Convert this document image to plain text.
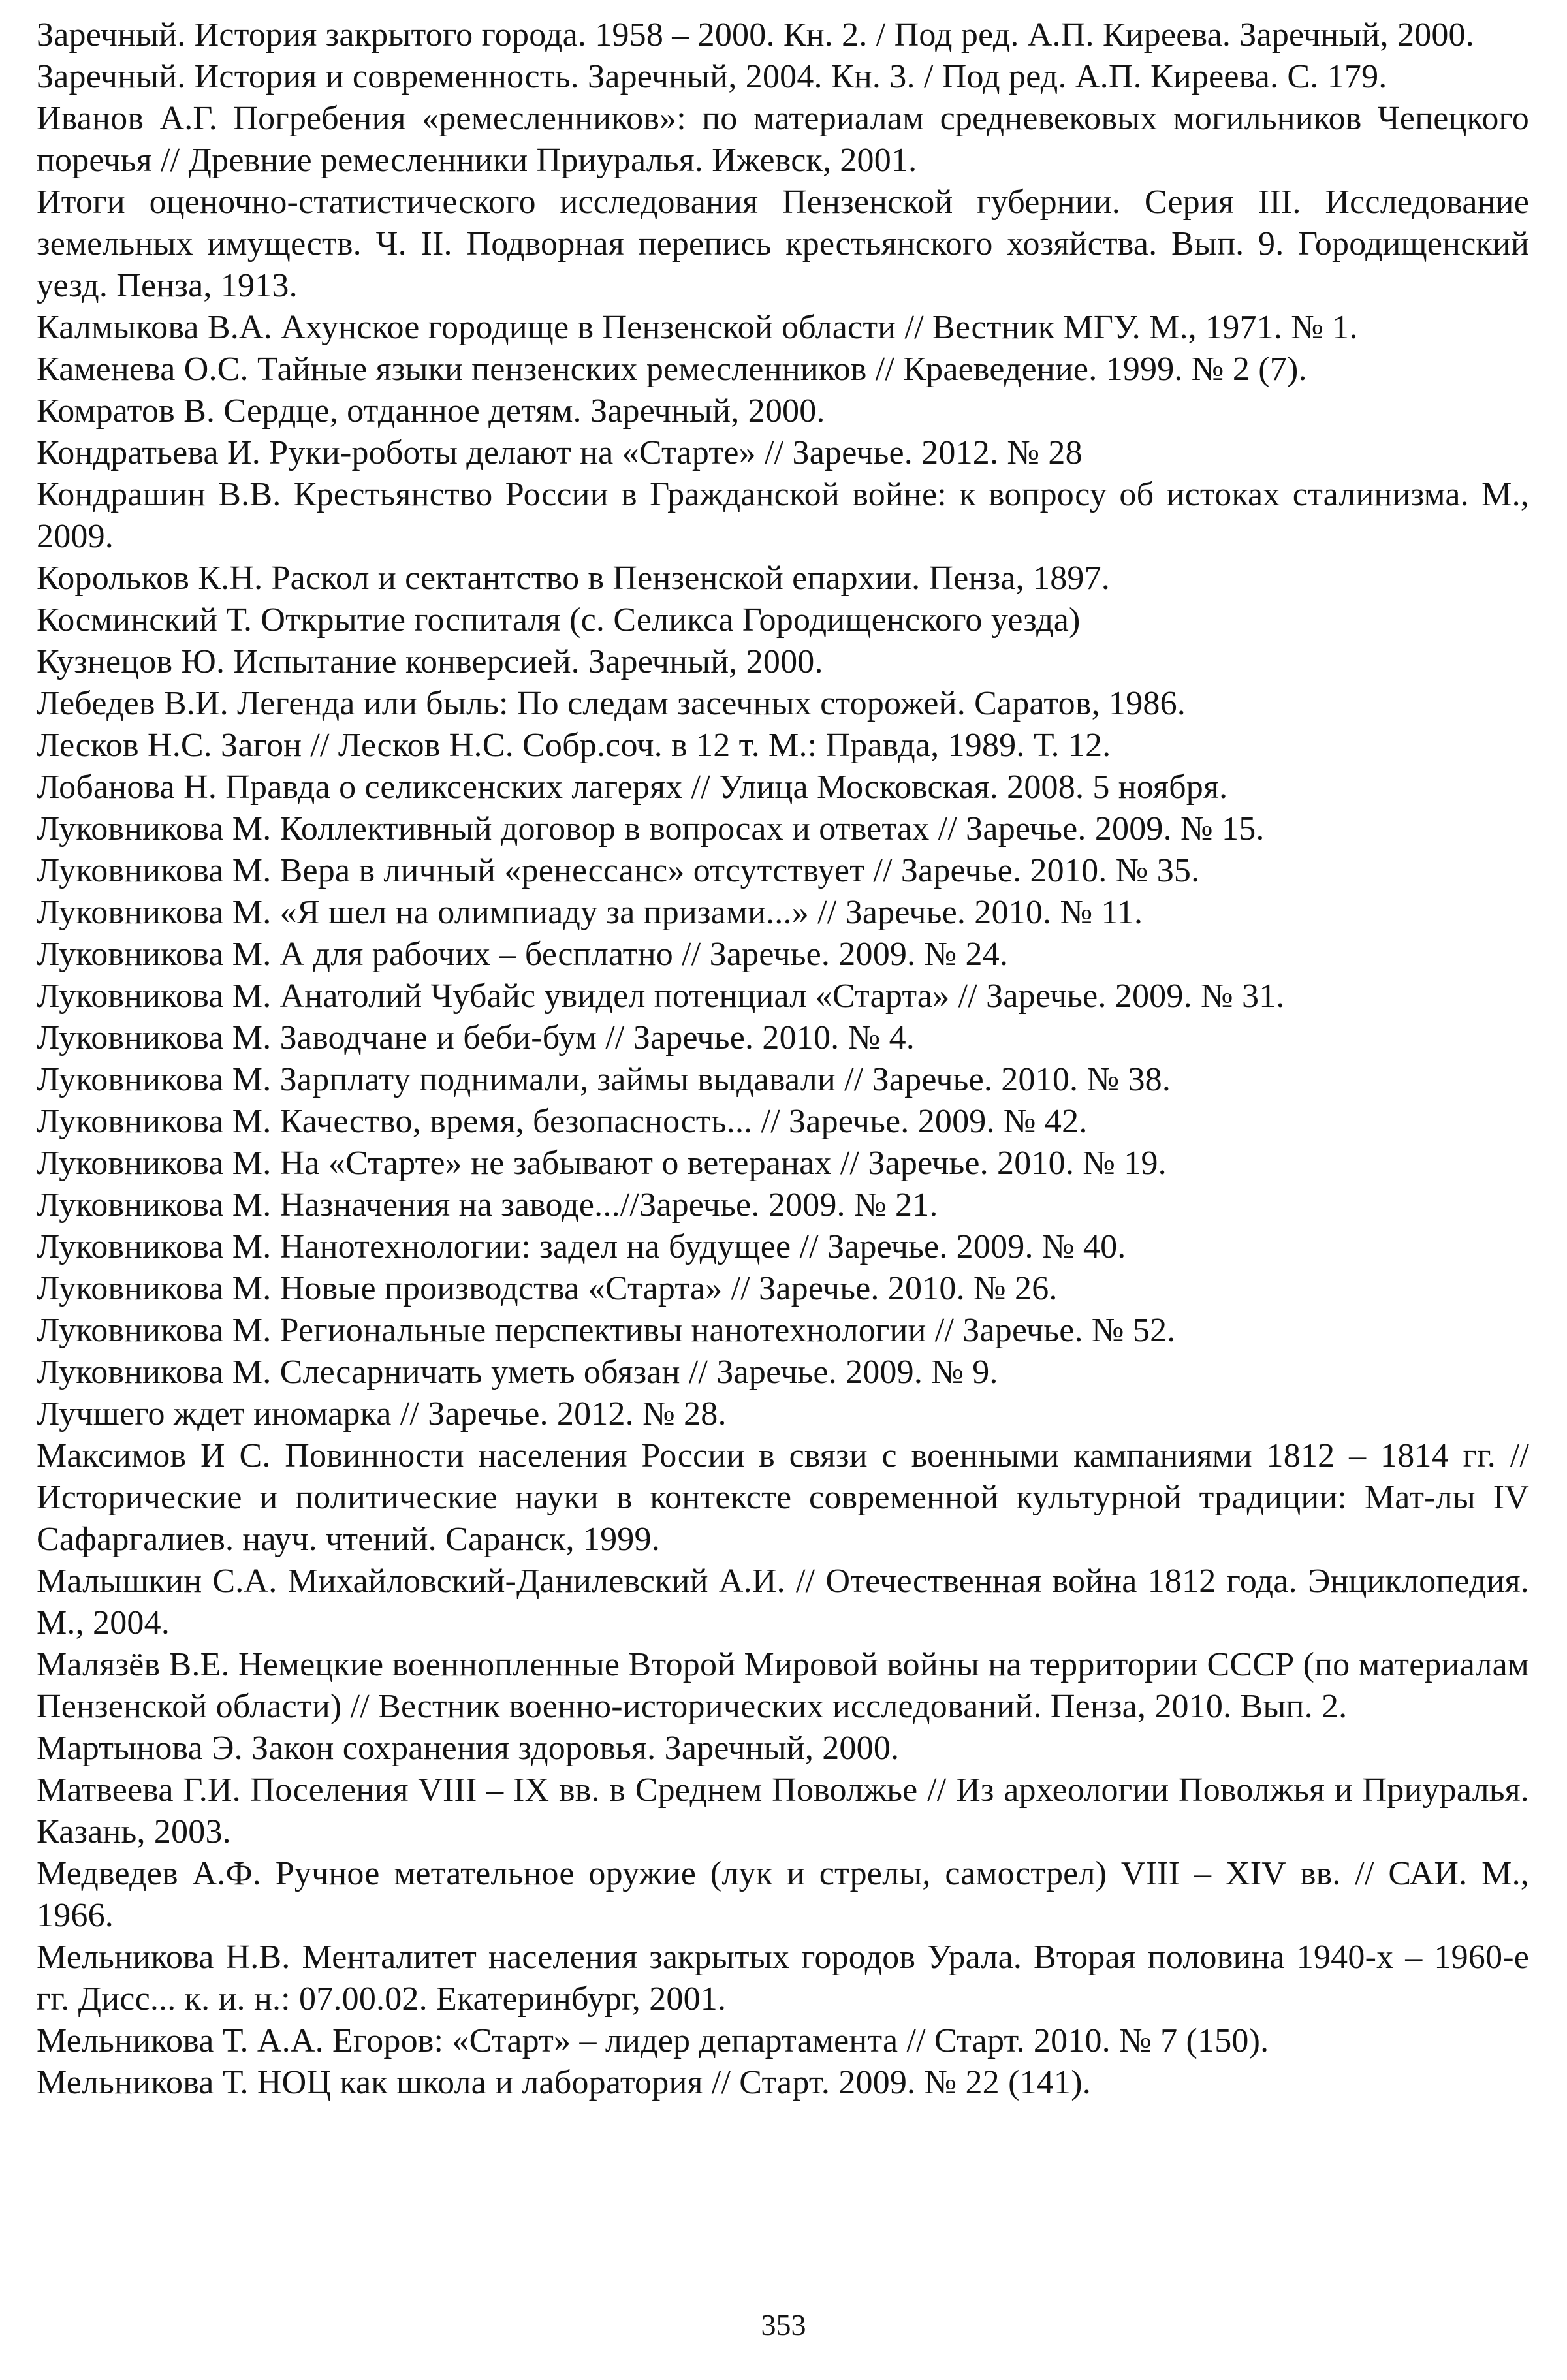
Заречный. История закрытого города. 1958 – 2000. Кн. 2. / Под ред. А.П. Киреева. Заречный, 2000.

Заречный. История и современность. Заречный, 2004. Кн. 3. / Под ред. А.П. Киреева. С. 179.

Иванов А.Г. Погребения «ремесленников»: по материалам средневековых могильников Чепецкого поречья // Древние ремесленники Приуралья. Ижевск, 2001.

Итоги оценочно-статистического исследования Пензенской губернии. Серия III. Исследование земельных имуществ. Ч. II. Подворная перепись крестьянского хозяйства. Вып. 9. Городищенский уезд. Пенза, 1913.

Калмыкова В.А. Ахунское городище в Пензенской области // Вестник МГУ. М., 1971. № 1.

Каменева О.С. Тайные языки пензенских ремесленников // Краеведение. 1999. № 2 (7).

Комратов В. Сердце, отданное детям. Заречный, 2000.

Кондратьева И. Руки-роботы делают на «Старте» // Заречье. 2012. № 28

Кондрашин В.В. Крестьянство России в Гражданской войне: к вопросу об истоках сталинизма. М., 2009.

Корольков К.Н. Раскол и сектантство в Пензенской епархии. Пенза, 1897.

Косминский Т. Открытие госпиталя (с. Селикса Городищенского уезда)

Кузнецов Ю. Испытание конверсией. Заречный, 2000.

Лебедев В.И. Легенда или быль: По следам засечных сторожей. Саратов, 1986.

Лесков Н.С. Загон // Лесков Н.С. Собр.соч. в 12 т. М.: Правда, 1989. Т. 12.

Лобанова Н. Правда о селиксенских лагерях // Улица Московская. 2008. 5 ноября.

Луковникова М. Коллективный договор в вопросах и ответах // Заречье. 2009. № 15.

Луковникова М. Вера в личный «ренессанс» отсутствует // Заречье. 2010. № 35.

Луковникова М. «Я шел на олимпиаду за призами...» // Заречье. 2010. № 11.

Луковникова М. А для рабочих – бесплатно // Заречье. 2009. № 24.

Луковникова М. Анатолий Чубайс увидел потенциал «Старта» // Заречье. 2009. № 31.

Луковникова М. Заводчане и беби-бум // Заречье. 2010. № 4.

Луковникова М. Зарплату поднимали, займы выдавали // Заречье. 2010. № 38.

Луковникова М. Качество, время, безопасность... // Заречье. 2009. № 42.

Луковникова М. На «Старте» не забывают о ветеранах // Заречье. 2010. № 19.

Луковникова М. Назначения на заводе...//Заречье. 2009. № 21.

Луковникова М. Нанотехнологии: задел на будущее // Заречье. 2009. № 40.

Луковникова М. Новые производства «Старта» // Заречье. 2010. № 26.

Луковникова М. Региональные перспективы нанотехнологии // Заречье. № 52.

Луковникова М. Слесарничать уметь обязан // Заречье. 2009. № 9.

Лучшего ждет иномарка // Заречье. 2012. № 28.

Максимов И С. Повинности населения России в связи с военными кампаниями 1812 – 1814 гг. // Исторические и политические науки в контексте современной культурной традиции: Мат-лы IV Сафаргалиев. науч. чтений. Саранск, 1999.

Малышкин С.А. Михайловский-Данилевский А.И. // Отечественная война 1812 года. Энциклопедия. М., 2004.

Малязёв В.Е. Немецкие военнопленные Второй Мировой войны на территории СССР (по материалам Пензенской области) // Вестник военно-исторических исследований. Пенза, 2010. Вып. 2.

Мартынова Э. Закон сохранения здоровья. Заречный, 2000.

Матвеева Г.И. Поселения VIII – IX вв. в Среднем Поволжье // Из археологии Поволжья и Приуралья. Казань, 2003.

Медведев А.Ф. Ручное метательное оружие (лук и стрелы, самострел) VIII – XIV вв. // САИ. М., 1966.

Мельникова Н.В. Менталитет населения закрытых городов Урала. Вторая половина 1940-х – 1960-е гг. Дисс... к. и. н.: 07.00.02. Екатеринбург, 2001.

Мельникова Т. А.А. Егоров: «Старт» – лидер департамента // Старт. 2010. № 7 (150).

Мельникова Т. НОЦ как школа и лаборатория // Старт. 2009. № 22 (141).

353
